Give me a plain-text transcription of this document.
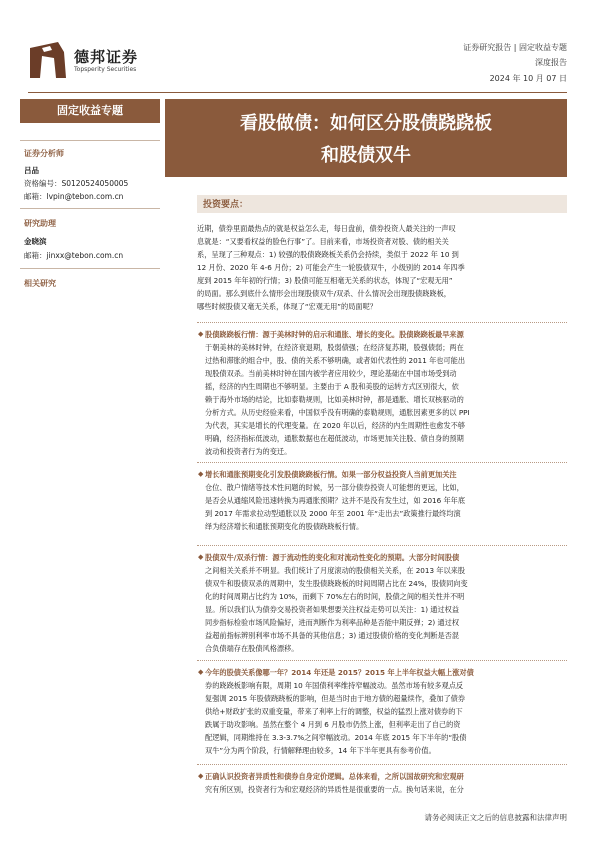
德邦证券
Topsperity Securities
证券研究报告 | 固定收益专题
深度报告
2024 年 10 月 07 日
固定收益专题
看股做债：如何区分股债跷跷板
和股债双牛
证券分析师
吕品
资格编号：S0120524050005
邮箱：lvpin@tebon.com.cn
研究助理
金晓滨
邮箱：jinxx@tebon.com.cn
相关研究
投资要点：
近期，债券里面最热点的就是权益怎么走，每日盘前，债券投资人最关注的一声叹
息就是：“又要看权益的脸色行事”了。目前来看，市场投资者对股、债的相关关
系，呈现了三种观点：1) 较强的股债跷跷板关系仍会持续，类似于 2022 年 10 到
12 月份、2020 年 4-6 月份；2) 可能会产生一轮股债双牛，小级别的 2014 年四季
度到 2015 年年初的行情；3) 股债可能互相毫无关系的状态，体现了“宏观无用”
的局面。那么到底什么情形会出现股债双牛/双杀、什么情况会出现股债跷跷板，
哪些时候股债又毫无关系，体现了“宏观无用”的局面呢？
◆ 股债跷跷板行情：源于美林时钟的启示和通胀、增长的变化。股债跷跷板最早来源
于朝美林的美林时钟，在经济衰退期，股弱债强；在经济复苏期，股强债弱；两在
过热和滞胀的组合中，股、债的关系不够明确，或者如代表性的 2011 年也可能出
现股债双杀。当前美林时钟在国内被学者应用较少，理论基础在中国市场受到动
摇，经济的内生周期也不够明显。主要由于 A 股和美股的运转方式区别很大，依
赖于海外市场的结论，比如泰勒规则，比如美林时钟，都是通胀、增长双核驱动的
分析方式。从历史经验来看，中国似乎没有明确的泰勒规则，通胀因素更多的以 PPI
为代表，其实是增长的代理变量。在 2020 年以后，经济的内生周期性也愈发不够
明确，经济指标低波动，通胀数据也在超低波动，市场更加关注股、债自身的预期
波动和投资者行为的变迁。
◆ 增长和通胀预期变化引发股债跷跷板行情。如果一部分权益投资人当前更加关注
仓位、散户情绪等技术性问题的时候，另一部分债券投资人可能想的更远，比如，
是否会从通缩风险迅速转换为再通胀预期？这并不是没有发生过，如 2016 年年底
到 2017 年需求拉动型通胀以及 2000 年至 2001 年“走出去”政策推行最终均演
绎为经济增长和通胀预期变化的股债跷跷板行情。
◆ 股债双牛/双杀行情：源于流动性的变化和对流动性变化的预期。大部分时间股债
之间相关关系并不明显。我们统计了月度滚动的股债相关关系，在 2013 年以来股
债双牛和股债双杀的周期中，发生股债跷跷板的时间周期占比在 24%，股债同向变
化的时间周期占比约为 10%，而剩下 70%左右的时间，股债之间的相关性并不明
显。所以我们认为债券交易投资者如果想要关注权益走势可以关注：1) 通过权益
同步指标检验市场风险偏好，进而判断作为利率品种是否能中期反弹；2) 通过权
益超前指标辨别利率市场不具备的其他信息；3) 通过股债价格的变化判断是否混
合负债端存在股债风格漂移。
◆ 今年的股债关系像哪一年？2014 年还是 2015？2015 年上半年权益大幅上涨对债
券的跷跷板影响有限，周期 10 年国债利率维持窄幅波动。虽然市场有较多观点反
复强调 2015 年股债跷跷板的影响，但是当时由于地方债的超量续作，叠加了债券
供给+财政扩张的双重变量，带来了利率上行的调整，权益的猛烈上涨对债券的下
跌属于助攻影响。虽然在整个 4 月到 6 月股市仍然上涨，但利率走出了自己的资
配逻辑，同期维持在 3.3-3.7%之间窄幅波动。2014 年底 2015 年下半年的“股债
双牛”分为两个阶段，行情解释理由较多，14 年下半年更具有参考价值。
◆ 正确认识投资者异质性和债券自身定价逻辑。总体来看，之所以国故研究和宏观研
究有所区别，投资者行为和宏观经济的异质性是很重要的一点。换句话来说，在分
请务必阅读正文之后的信息披露和法律声明
